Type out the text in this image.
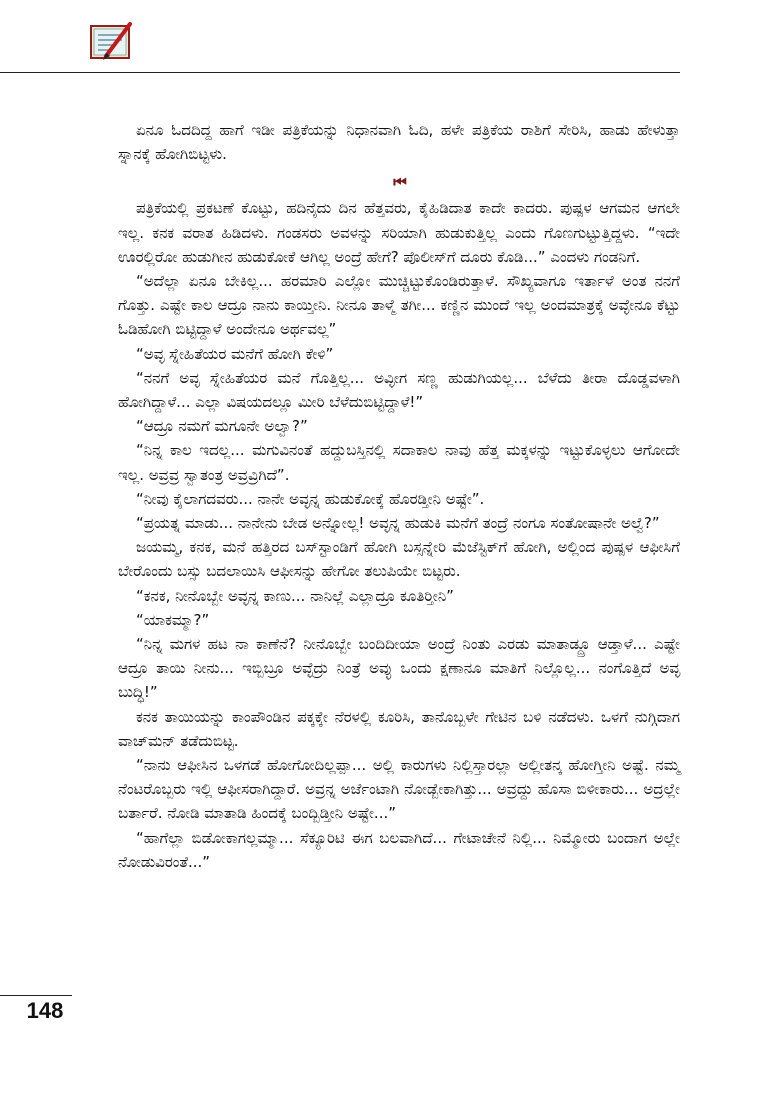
ಏನೂ ಓದದಿದ್ದ ಹಾಗೆ ಇಡೀ ಪತ್ರಿಕೆಯನ್ನು ನಿಧಾನವಾಗಿ ಓದಿ, ಹಳೇ ಪತ್ರಿಕೆಯ ರಾಶಿಗೆ ಸೇರಿಸಿ, ಹಾಡು ಹೇಳುತ್ತಾ ಸ್ನಾನಕ್ಕೆ ಹೋಗಿಬಿಟ್ಟಳು.

⏮

ಪತ್ರಿಕೆಯಲ್ಲಿ ಪ್ರಕಟಣೆ ಕೊಟ್ಟು, ಹದಿನೈದು ದಿನ ಹೆತ್ತವರು, ಕೈಹಿಡಿದಾತ ಕಾದೇ ಕಾದರು. ಪುಷ್ಪಳ ಆಗಮನ ಆಗಲೇ ಇಲ್ಲ. ಕನಕ ವರಾತ ಹಿಡಿದಳು. ಗಂಡಸರು ಅವಳನ್ನು ಸರಿಯಾಗಿ ಹುಡುಕುತ್ತಿಲ್ಲ ಎಂದು ಗೊಣಗುಟ್ಟುತ್ತಿದ್ದಳು. “ಇದೇ ಊರಲ್ಲಿರೋ ಹುಡುಗೀನ ಹುಡುಕೋಕೆ ಆಗಿಲ್ಲ ಅಂದ್ರೆ ಹೇಗೆ? ಪೊಲೀಸ್‌ಗೆ ದೂರು ಕೊಡಿ...” ಎಂದಳು ಗಂಡನಿಗೆ.

“ಅದೆಲ್ಲಾ ಏನೂ ಬೇಕಿಲ್ಲ... ಹರಮಾರಿ ಎಲ್ಲೋ ಮುಚ್ಚಿಟ್ಟುಕೊಂಡಿರುತ್ತಾಳೆ. ಸೌಖ್ಯವಾಗೂ ಇರ್ತಾಳೆ ಅಂತ ನನಗೆ ಗೊತ್ತು. ಎಷ್ಟೇ ಕಾಲ ಆದ್ರೂ ನಾನು ಕಾಯ್ತೀನಿ. ನೀನೂ ತಾಳ್ಮೆ ತಗೀ... ಕಣ್ಣಿನ ಮುಂದೆ ಇಲ್ಲ ಅಂದಮಾತ್ರಕ್ಕೆ ಅವ್ಳೇನೂ ಕೆಟ್ಟು ಓಡಿಹೋಗಿ ಬಿಟ್ಟಿದ್ದಾಳೆ ಅಂದೇನೂ ಅರ್ಥವಲ್ಲ”

“ಅವ್ಳ ಸ್ನೇಹಿತೆಯರ ಮನೆಗೆ ಹೋಗಿ ಕೇಳಿ”

“ನನಗೆ ಅವ್ಳ ಸ್ನೇಹಿತೆಯರ ಮನೆ ಗೊತ್ತಿಲ್ಲ... ಅವ್ಳೀಗ ಸಣ್ಣ ಹುಡುಗಿಯಲ್ಲ... ಬೆಳೆದು ತೀರಾ ದೊಡ್ಡವಳಾಗಿ ಹೋಗಿದ್ದಾಳೆ... ಎಲ್ಲಾ ವಿಷಯದಲ್ಲೂ ಮೀರಿ ಬೆಳೆದುಬಿಟ್ಟಿದ್ದಾಳೆ!”

“ಆದ್ರೂ ನಮಗೆ ಮಗೂನೇ ಅಲ್ವಾ?”

“ನಿನ್ನ ಕಾಲ ಇದಲ್ಲ... ಮಗುವಿನಂತೆ ಹದ್ದುಬಸ್ತಿನಲ್ಲಿ ಸದಾಕಾಲ ನಾವು ಹೆತ್ತ ಮಕ್ಕಳನ್ನು ಇಟ್ಟುಕೊಳ್ಳಲು ಆಗೋದೇ ಇಲ್ಲ. ಅವ್ರವ್ರ ಸ್ವಾತಂತ್ರ ಅವ್ರವ್ರಿಗಿದೆ”.

“ನೀವು ಕೈಲಾಗದವರು... ನಾನೇ ಅವ್ಳನ್ನ ಹುಡುಕೋಕ್ಕೆ ಹೊರಡ್ತೀನಿ ಅಷ್ಟೇ”.

“ಪ್ರಯತ್ನ ಮಾಡು... ನಾನೇನು ಬೇಡ ಅನ್ನೋಲ್ಲ! ಅವ್ಳನ್ನ ಹುಡುಕಿ ಮನೆಗೆ ತಂದ್ರೆ ನಂಗೂ ಸಂತೋಷಾನೇ ಅಲ್ವೆ?”

ಜಯಮ್ಮ, ಕನಕ, ಮನೆ ಹತ್ತಿರದ ಬಸ್‌ಸ್ಟಾಂಡಿಗೆ ಹೋಗಿ ಬಸ್ಸನ್ನೇರಿ ಮೆಜೆಸ್ಟಿಕ್‌ಗೆ ಹೋಗಿ, ಅಲ್ಲಿಂದ ಪುಷ್ಪಳ ಆಫೀಸಿಗೆ ಬೇರೊಂದು ಬಸ್ಸು ಬದಲಾಯಿಸಿ ಆಫೀಸನ್ನು ಹೇಗೋ ತಲುಪಿಯೇ ಬಿಟ್ಟರು.

“ಕನಕ, ನೀನೊಬ್ಬೇ ಅವ್ಳನ್ನ ಕಾಣು... ನಾನಿಲ್ಲೆ ಎಲ್ಲಾದ್ರೂ ಕೂತಿರ್‍ತೀನಿ”

“ಯಾಕಮ್ಮಾ?”

“ನಿನ್ನ ಮಗಳ ಹಟ ನಾ ಕಾಣೆನೆ? ನೀನೊಬ್ಬೇ ಬಂದಿದೀಯಾ ಅಂದ್ರೆ ನಿಂತು ಎರಡು ಮಾತಾಡ್ದ್ರೂ ಆಡ್ತಾಳೆ... ಎಷ್ಟೇ ಆದ್ರೂ ತಾಯಿ ನೀನು... ಇಬ್ಬಿಬ್ರೂ ಅವ್ಳೆದ್ರು ನಿಂತ್ರೆ ಅವ್ಳು ಒಂದು ಕ್ಷಣಾನೂ ಮಾತಿಗೆ ನಿಲ್ಲೊಲ್ಲ... ನಂಗೊತ್ತಿದೆ ಅವ್ಳ ಬುದ್ಧಿ!”

ಕನಕ ತಾಯಿಯನ್ನು ಕಾಂಪೌಂಡಿನ ಪಕ್ಕಕ್ಕೇ ನೆರಳಲ್ಲಿ ಕೂರಿಸಿ, ತಾನೊಬ್ಬಳೇ ಗೇಟಿನ ಬಳಿ ನಡೆದಳು. ಒಳಗೆ ನುಗ್ಗಿದಾಗ ವಾಚ್‌ಮನ್ ತಡೆದುಬಿಟ್ಟ.

“ನಾನು ಆಫೀಸಿನ ಒಳಗಡೆ ಹೋಗೋದಿಲ್ಲಪ್ಪಾ... ಅಲ್ಲಿ ಕಾರುಗಳು ನಿಲ್ಲಿಸ್ತಾರಲ್ಲಾ ಅಲ್ಲೀತನ್ಕ ಹೋಗ್ತೀನಿ ಅಷ್ಟೆ. ನಮ್ಮ ನೆಂಟರೊಬ್ಬರು ಇಲ್ಲಿ ಆಫೀಸರಾಗಿದ್ದಾರೆ. ಅವ್ರನ್ನ ಅರ್ಜೆಂಟಾಗಿ ನೋಡ್ಬೇಕಾಗಿತ್ತು... ಅವ್ರದ್ದು ಹೊಸಾ ಬಿಳೀಕಾರು... ಅದ್ರಲ್ಲೇ ಬರ್ತಾರೆ. ನೋಡಿ ಮಾತಾಡಿ ಹಿಂದಕ್ಕೆ ಬಂದ್ಬಿಡ್ತೀನಿ ಅಷ್ಟೇ...”

“ಹಾಗೆಲ್ಲಾ ಬಿಡೋಕಾಗಲ್ಲಮ್ಮಾ... ಸೆಕ್ಯೂರಿಟಿ ಈಗ ಬಲವಾಗಿದೆ... ಗೇಟಾಚೇನೆ ನಿಲ್ಲಿ... ನಿಮ್ಮೋರು ಬಂದಾಗ ಅಲ್ಲೇ ನೋಡುವಿರಂತೆ...”

148
